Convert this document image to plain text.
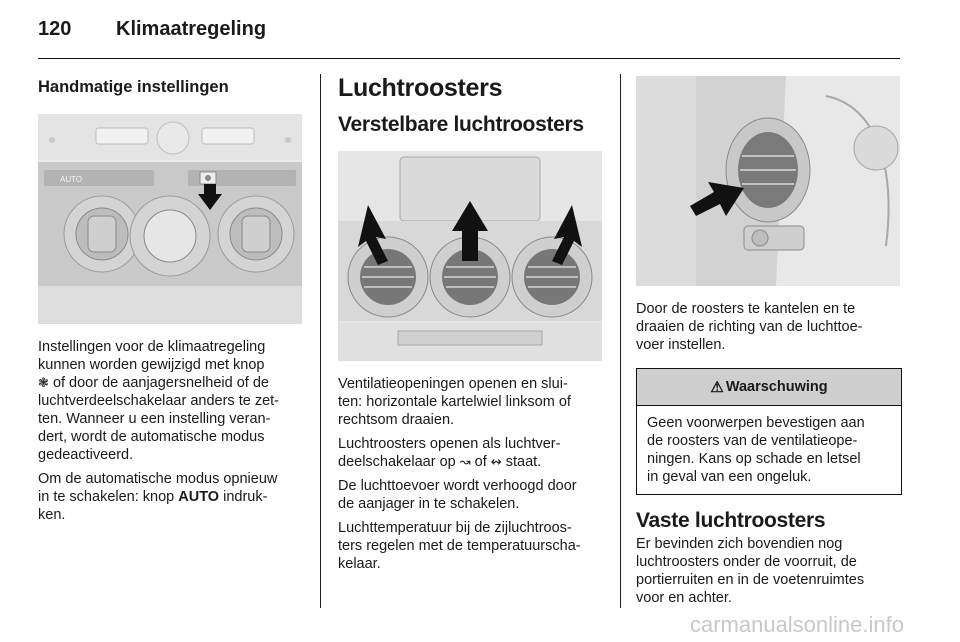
120 Klimaatregeling
Handmatige instellingen
AUTO

Instellingen voor de klimaatregeling
kunnen worden gewijzigd met knop
❃ of door de aanjagersnelheid of de
luchtverdeelschakelaar anders te zet-
ten. Wanneer u een instelling veran-
dert, wordt de automatische modus
gedeactiveerd.

Om de automatische modus opnieuw
in te schakelen: knop AUTO indruk-
ken.

Luchtroosters
Verstelbare luchtroosters

Ventilatieopeningen openen en slui-
ten: horizontale kartelwiel linksom of
rechtsom draaien.

Luchtroosters openen als luchtver-
deelschakelaar op ↝ of ↭ staat.

De luchttoevoer wordt verhoogd door
de aanjager in te schakelen.

Luchttemperatuur bij de zijluchtroos-
ters regelen met de temperatuurscha-
kelaar.

Door de roosters te kantelen en te
draaien de richting van de luchttoe-
voer instellen.

⚠ Waarschuwing

Geen voorwerpen bevestigen aan
de roosters van de ventilatieope-
ningen. Kans op schade en letsel
in geval van een ongeluk.

Vaste luchtroosters

Er bevinden zich bovendien nog
luchtroosters onder de voorruit, de
portierruiten en in de voetenruimtes
voor en achter.

carmanualsonline.info
